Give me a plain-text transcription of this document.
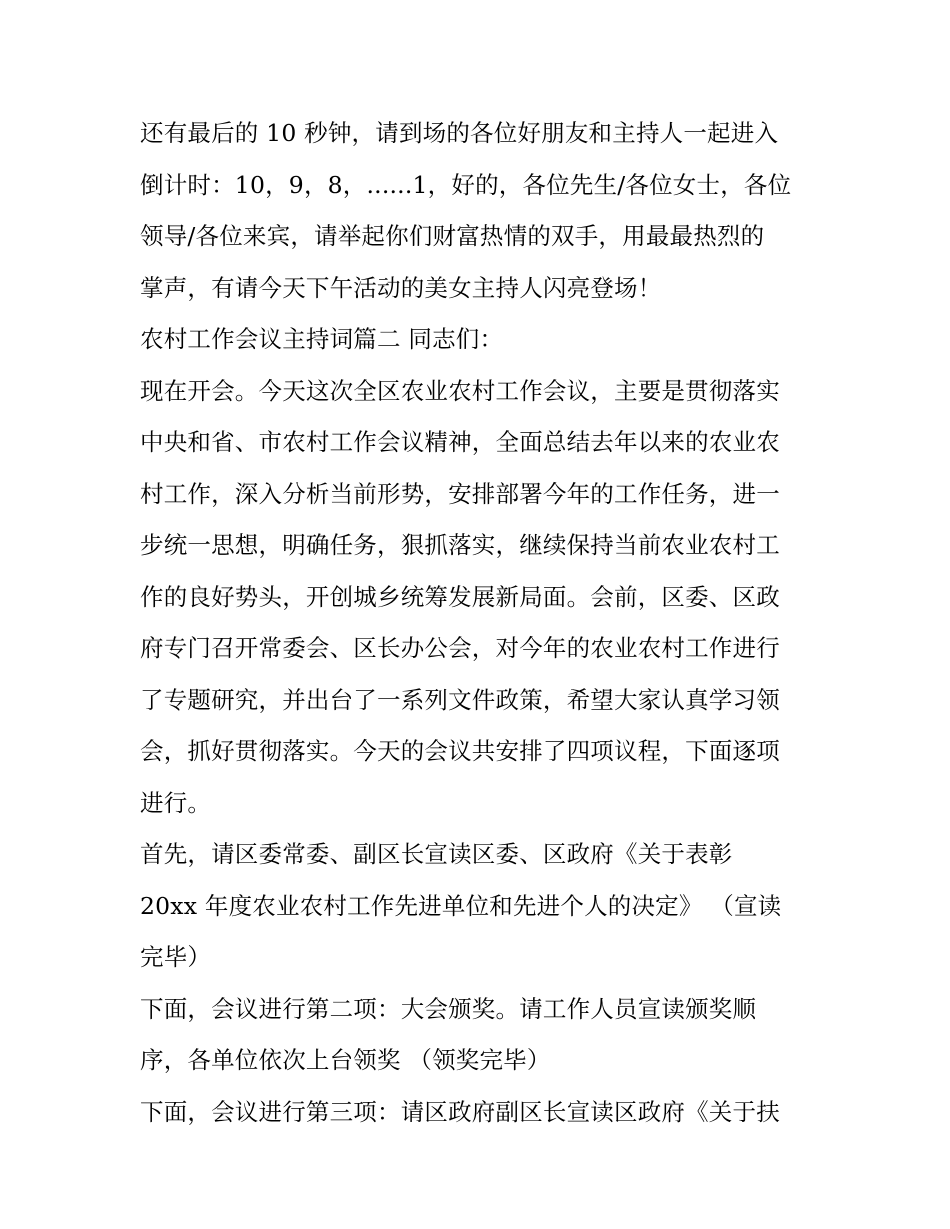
还有最后的 10 秒钟，请到场的各位好朋友和主持人一起进入
倒计时：10，9，8，......1，好的，各位先生/各位女士，各位
领导/各位来宾，请举起你们财富热情的双手，用最最热烈的
掌声，有请今天下午活动的美女主持人闪亮登场！
农村工作会议主持词篇二 同志们：
现在开会。今天这次全区农业农村工作会议，主要是贯彻落实
中央和省、市农村工作会议精神，全面总结去年以来的农业农
村工作，深入分析当前形势，安排部署今年的工作任务，进一
步统一思想，明确任务，狠抓落实，继续保持当前农业农村工
作的良好势头，开创城乡统筹发展新局面。会前，区委、区政
府专门召开常委会、区长办公会，对今年的农业农村工作进行
了专题研究，并出台了一系列文件政策，希望大家认真学习领
会，抓好贯彻落实。今天的会议共安排了四项议程，下面逐项
进行。
首先，请区委常委、副区长宣读区委、区政府《关于表彰
20xx 年度农业农村工作先进单位和先进个人的决定》 （宣读
完毕）
下面，会议进行第二项：大会颁奖。请工作人员宣读颁奖顺
序，各单位依次上台领奖 （领奖完毕）
下面，会议进行第三项：请区政府副区长宣读区政府《关于扶
